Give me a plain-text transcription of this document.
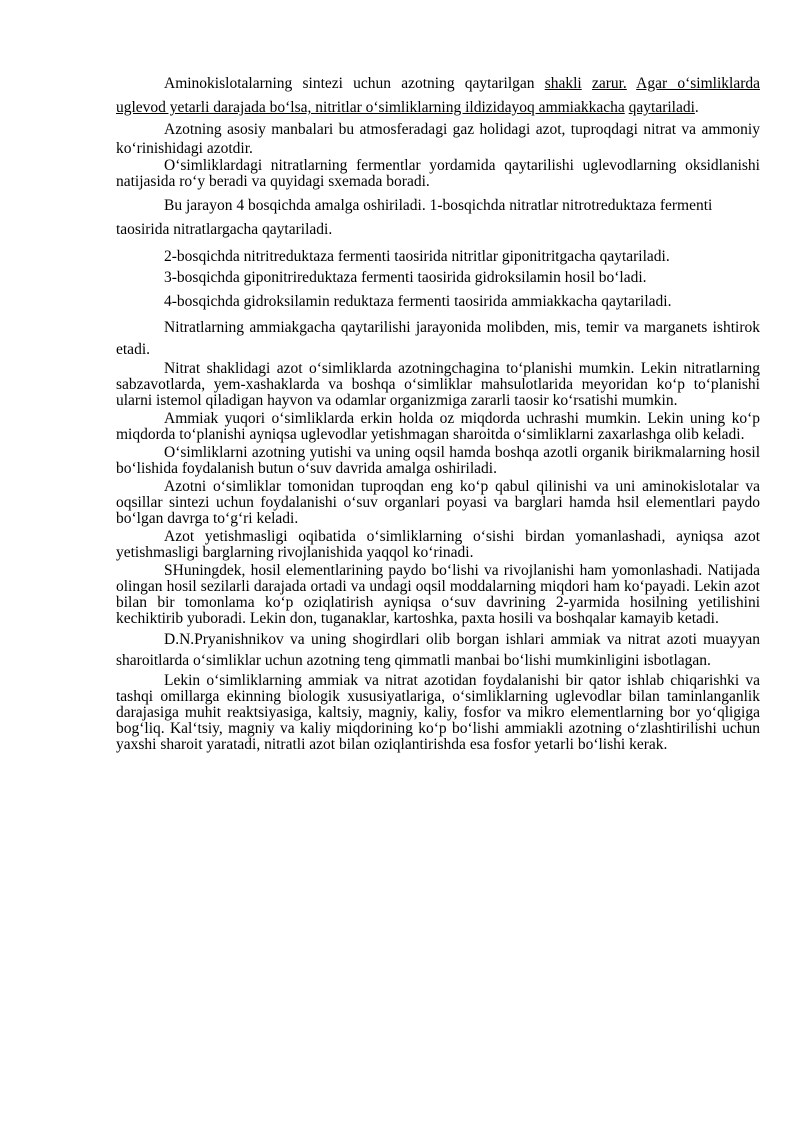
Aminokislotalarning sintezi uchun azotning qaytarilgan shakli zarur. Agar o‘simliklarda uglevod yetarli darajada bo‘lsa, nitritlar o‘simliklarning ildizidayoq ammiakkacha qaytariladi.

Azotning asosiy manbalari bu atmosferadagi gaz holidagi azot, tuproqdagi nitrat va ammoniy ko‘rinishidagi azotdir.

O‘simliklardagi nitratlarning fermentlar yordamida qaytarilishi uglevodlarning oksidlanishi natijasida ro‘y beradi va quyidagi sxemada boradi.

Bu jarayon 4 bosqichda amalga oshiriladi. 1-bosqichda nitratlar nitrotreduktaza fermenti taosirida nitratlargacha qaytariladi.

2-bosqichda nitritreduktaza fermenti taosirida nitritlar giponitritgacha qaytariladi.

3-bosqichda giponitrireduktaza fermenti taosirida gidroksilamin hosil bo‘ladi.

4-bosqichda gidroksilamin reduktaza fermenti taosirida ammiakkacha qaytariladi.

Nitratlarning ammiakgacha qaytarilishi jarayonida molibden, mis, temir va marganets ishtirok etadi.

Nitrat shaklidagi azot o‘simliklarda azotningchagina to‘planishi mumkin. Lekin nitratlarning sabzavotlarda, yem-xashaklarda va boshqa o‘simliklar mahsulotlarida meyoridan ko‘p to‘planishi ularni istemol qiladigan hayvon va odamlar organizmiga zararli taosir ko‘rsatishi mumkin.

Ammiak yuqori o‘simliklarda erkin holda oz miqdorda uchrashi mumkin. Lekin uning ko‘p miqdorda to‘planishi ayniqsa uglevodlar yetishmagan sharoitda o‘simliklarni zaxarlashga olib keladi.

O‘simliklarni azotning yutishi va uning oqsil hamda boshqa azotli organik birikmalarning hosil bo‘lishida foydalanish butun o‘suv davrida amalga oshiriladi.

Azotni o‘simliklar tomonidan tuproqdan eng ko‘p qabul qilinishi va uni aminokislotalar va oqsillar sintezi uchun foydalanishi o‘suv organlari poyasi va barglari hamda hsil elementlari paydo bo‘lgan davrga to‘g‘ri keladi.

Azot yetishmasligi oqibatida o‘simliklarning o‘sishi birdan yomanlashadi, ayniqsa azot yetishmasligi barglarning rivojlanishida yaqqol ko‘rinadi.

SHuningdek, hosil elementlarining paydo bo‘lishi va rivojlanishi ham yomonlashadi. Natijada olingan hosil sezilarli darajada ortadi va undagi oqsil moddalarning miqdori ham ko‘payadi. Lekin azot bilan bir tomonlama ko‘p oziqlatirish ayniqsa o‘suv davrining 2-yarmida hosilning yetilishini kechiktirib yuboradi. Lekin don, tuganaklar, kartoshka, paxta hosili va boshqalar kamayib ketadi.

D.N.Pryanishnikov va uning shogirdlari olib borgan ishlari ammiak va nitrat azoti muayyan sharoitlarda o‘simliklar uchun azotning teng qimmatli manbai bo‘lishi mumkinligini isbotlagan.

Lekin o‘simliklarning ammiak va nitrat azotidan foydalanishi bir qator ishlab chiqarishki va tashqi omillarga ekinning biologik xususiyatlariga, o‘simliklarning uglevodlar bilan taminlanganlik darajasiga muhit reaktsiyasiga, kaltsiy, magniy, kaliy, fosfor va mikro elementlarning bor yo‘qligiga bog‘liq. Kal‘tsiy, magniy va kaliy miqdorining ko‘p bo‘lishi ammiakli azotning o‘zlashtirilishi uchun yaxshi sharoit yaratadi, nitratli azot bilan oziqlantirishda esa fosfor yetarli bo‘lishi kerak.
